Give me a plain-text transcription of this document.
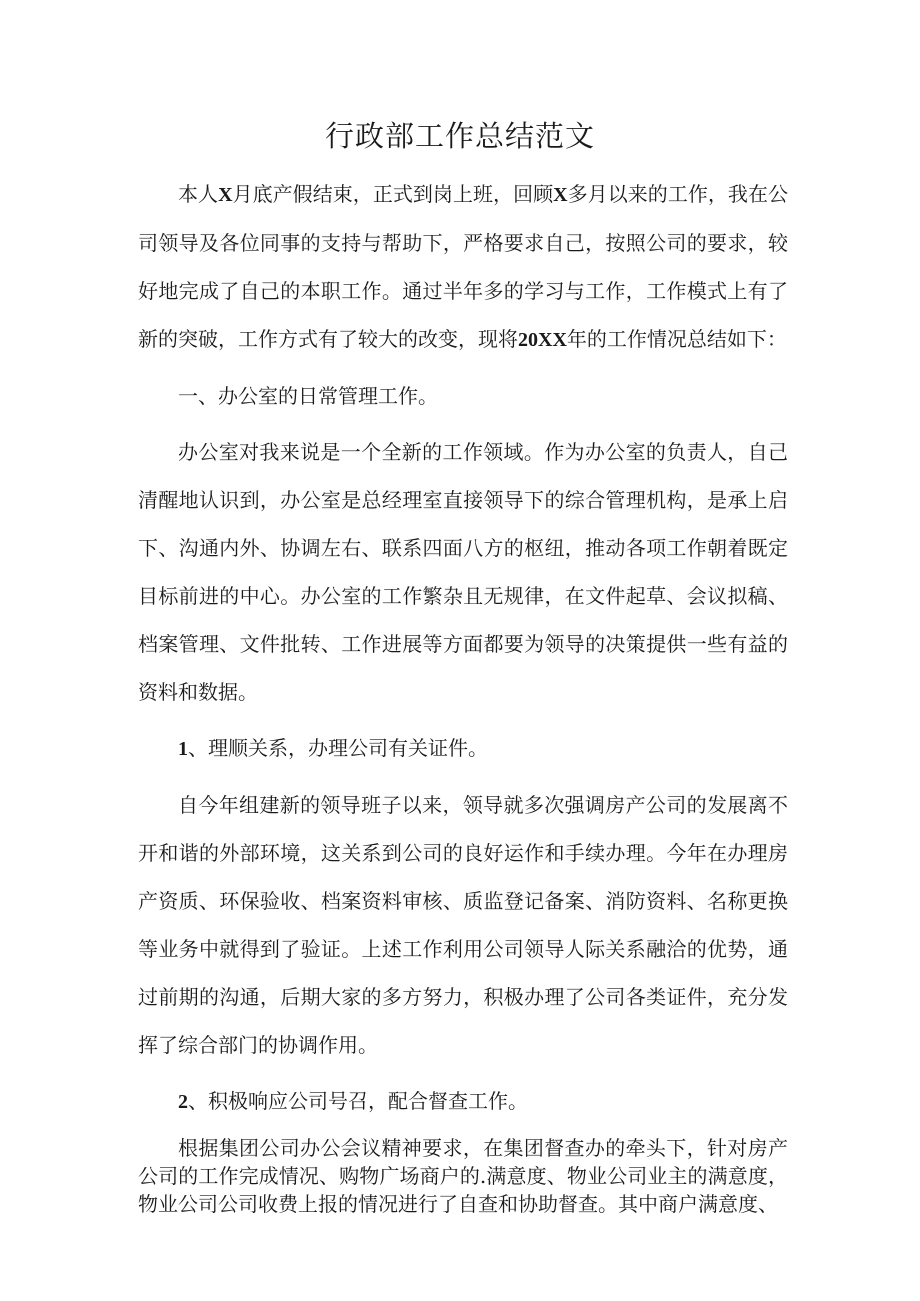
行政部工作总结范文

本人X月底产假结束，正式到岗上班，回顾X多月以来的工作，我在公司领导及各位同事的支持与帮助下，严格要求自己，按照公司的要求，较好地完成了自己的本职工作。通过半年多的学习与工作，工作模式上有了新的突破，工作方式有了较大的改变，现将20XX年的工作情况总结如下：

一、办公室的日常管理工作。

办公室对我来说是一个全新的工作领域。作为办公室的负责人，自己清醒地认识到，办公室是总经理室直接领导下的综合管理机构，是承上启下、沟通内外、协调左右、联系四面八方的枢纽，推动各项工作朝着既定目标前进的中心。办公室的工作繁杂且无规律，在文件起草、会议拟稿、档案管理、文件批转、工作进展等方面都要为领导的决策提供一些有益的资料和数据。

1、理顺关系，办理公司有关证件。

自今年组建新的领导班子以来，领导就多次强调房产公司的发展离不开和谐的外部环境，这关系到公司的良好运作和手续办理。今年在办理房产资质、环保验收、档案资料审核、质监登记备案、消防资料、名称更换等业务中就得到了验证。上述工作利用公司领导人际关系融洽的优势，通过前期的沟通，后期大家的多方努力，积极办理了公司各类证件，充分发挥了综合部门的协调作用。

2、积极响应公司号召，配合督查工作。

根据集团公司办公会议精神要求，在集团督查办的牵头下，针对房产公司的工作完成情况、购物广场商户的.满意度、物业公司业主的满意度，物业公司公司收费上报的情况进行了自查和协助督查。其中商户满意度、
